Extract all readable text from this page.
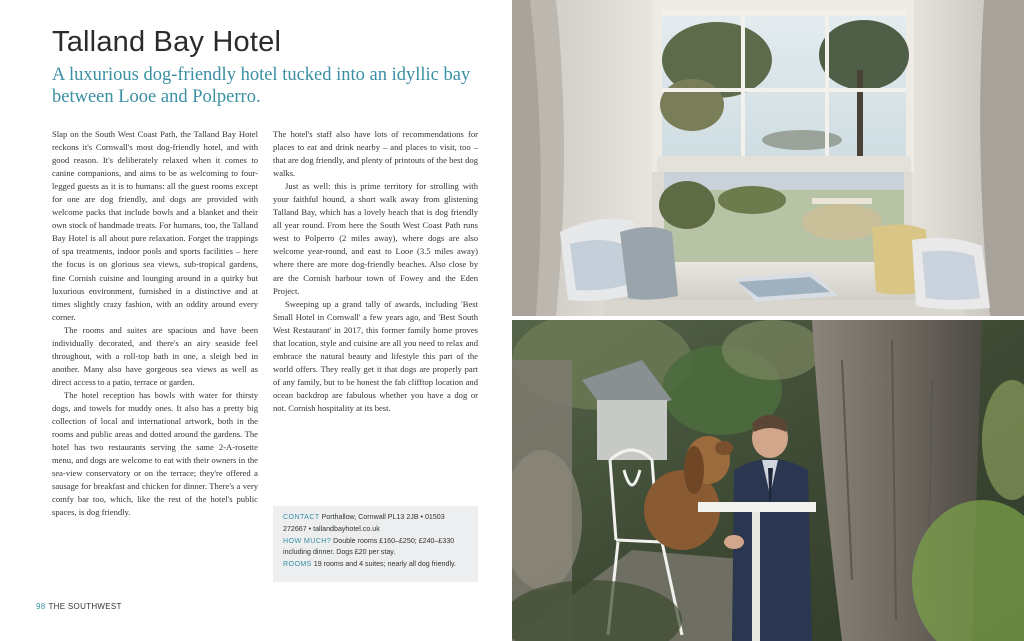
Talland Bay Hotel

A luxurious dog-friendly hotel tucked into an idyllic bay between Looe and Polperro.

Slap on the South West Coast Path, the Talland Bay Hotel reckons it's Cornwall's most dog-friendly hotel, and with good reason. It's deliberately relaxed when it comes to canine companions, and aims to be as welcoming to four-legged guests as it is to humans: all the guest rooms except for one are dog friendly, and dogs are provided with welcome packs that include bowls and a blanket and their own stock of handmade treats. For humans, too, the Talland Bay Hotel is all about pure relaxation. Forget the trappings of spa treatments, indoor pools and sports facilities – here the focus is on glorious sea views, sub-tropical gardens, fine Cornish cuisine and lounging around in a quirky but luxurious environment, furnished in a distinctive and at times slightly crazy fashion, with an oddity around every corner.

The rooms and suites are spacious and have been individually decorated, and there's an airy seaside feel throughout, with a roll-top bath in one, a sleigh bed in another. Many also have gorgeous sea views as well as direct access to a patio, terrace or garden.

The hotel reception has bowls with water for thirsty dogs, and towels for muddy ones. It also has a pretty big collection of local and international artwork, both in the rooms and public areas and dotted around the gardens. The hotel has two restaurants serving the same 2-A-rosette menu, and dogs are welcome to eat with their owners in the sea-view conservatory or on the terrace; they're offered a sausage for breakfast and chicken for dinner. There's a very comfy bar too, which, like the rest of the hotel's public spaces, is dog friendly.

The hotel's staff also have lots of recommendations for places to eat and drink nearby – and places to visit, too – that are dog friendly, and plenty of printouts of the best dog walks.

Just as well: this is prime territory for strolling with your faithful hound, a short walk away from glistening Talland Bay, which has a lovely beach that is dog friendly all year round. From here the South West Coast Path runs west to Polperro (2 miles away), where dogs are also welcome year-round, and east to Looe (3.5 miles away) where there are more dog-friendly beaches. Also close by are the Cornish harbour town of Fowey and the Eden Project.

Sweeping up a grand tally of awards, including 'Best Small Hotel in Cornwall' a few years ago, and 'Best South West Restaurant' in 2017, this former family home proves that location, style and cuisine are all you need to relax and embrace the natural beauty and lifestyle this part of the world offers. They really get it that dogs are properly part of any family, but to be honest the fab clifftop location and ocean backdrop are fabulous whether you have a dog or not. Cornish hospitality at its best.

CONTACT Porthallow, Cornwall PL13 2JB • 01503 272667 • tallandbayhotel.co.uk
HOW MUCH? Double rooms £160–£250; £240–£330 including dinner. Dogs £20 per stay.
ROOMS 19 rooms and 4 suites; nearly all dog friendly.
98 THE SOUTHWEST
